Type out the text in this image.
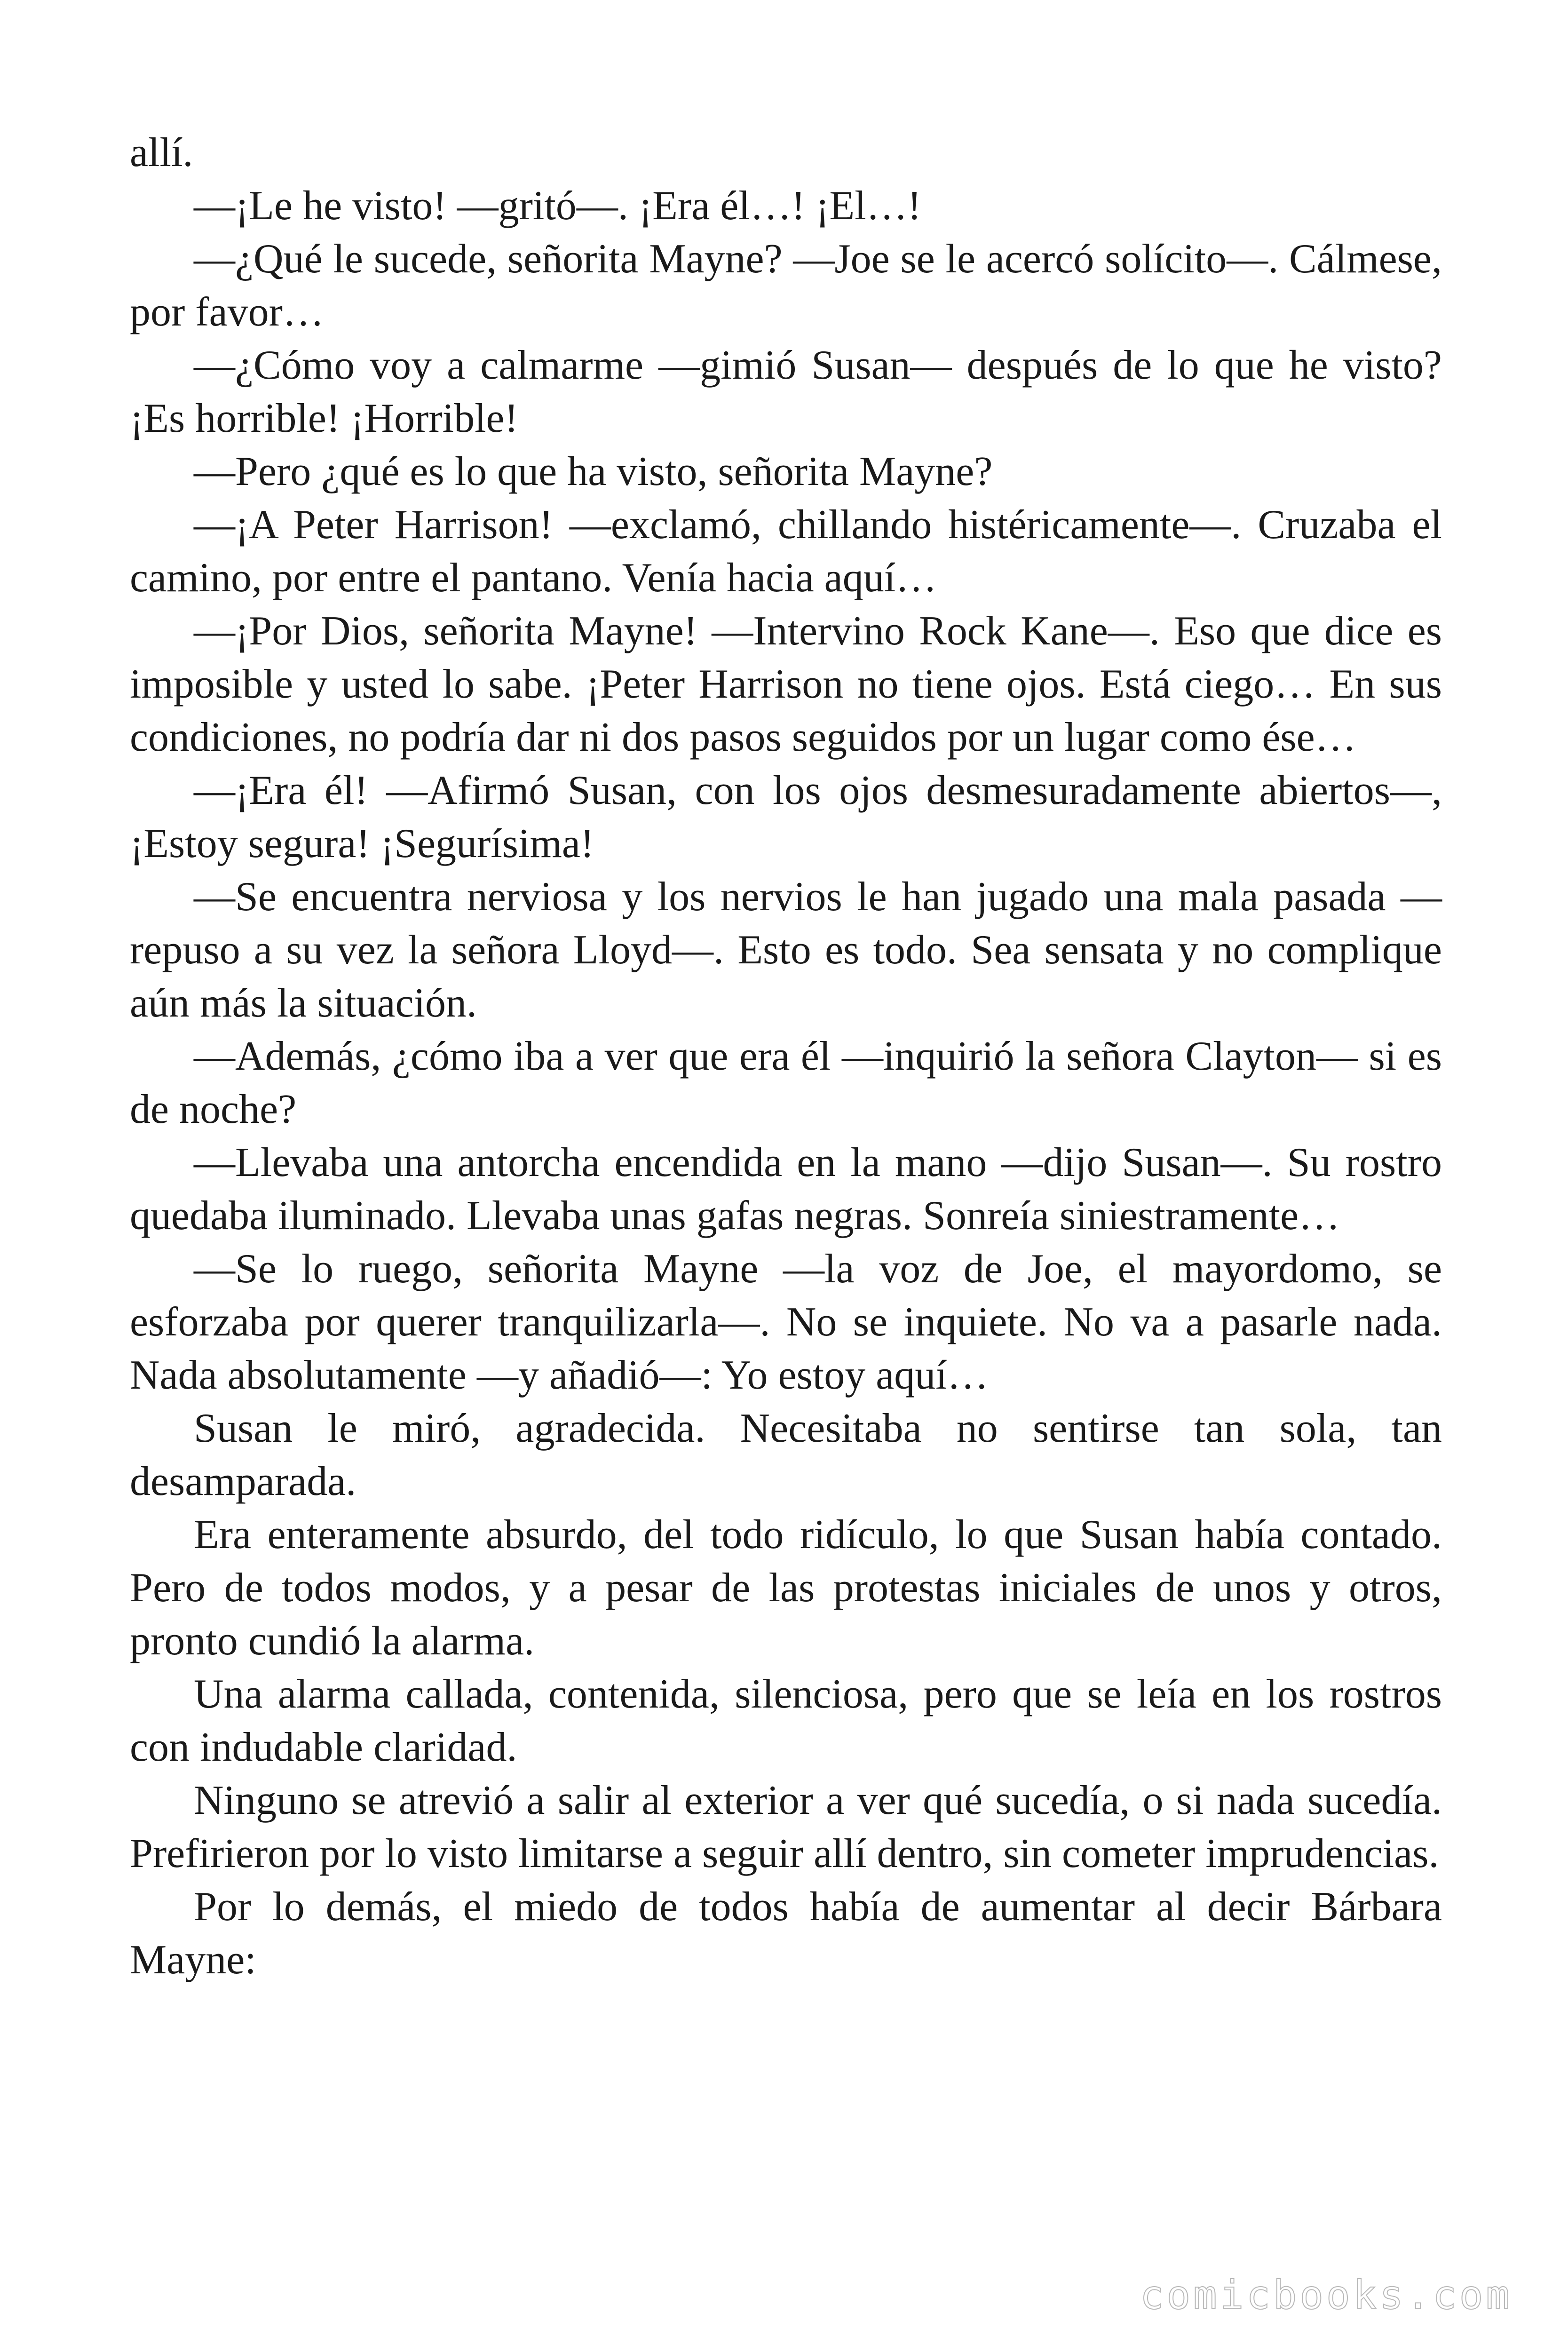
allí.

—¡Le he visto! —gritó—. ¡Era él…! ¡El…!

—¿Qué le sucede, señorita Mayne? —Joe se le acercó solícito—. Cálmese, por favor…

—¿Cómo voy a calmarme —gimió Susan— después de lo que he visto? ¡Es horrible! ¡Horrible!

—Pero ¿qué es lo que ha visto, señorita Mayne?

—¡A Peter Harrison! —exclamó, chillando histéricamente—. Cruzaba el camino, por entre el pantano. Venía hacia aquí…

—¡Por Dios, señorita Mayne! —Intervino Rock Kane—. Eso que dice es imposible y usted lo sabe. ¡Peter Harrison no tiene ojos. Está ciego… En sus condiciones, no podría dar ni dos pasos seguidos por un lugar como ése…

—¡Era él! —Afirmó Susan, con los ojos desmesuradamente abiertos—, ¡Estoy segura! ¡Segurísima!

—Se encuentra nerviosa y los nervios le han jugado una mala pasada —repuso a su vez la señora Lloyd—. Esto es todo. Sea sensata y no complique aún más la situación.

—Además, ¿cómo iba a ver que era él —inquirió la señora Clayton— si es de noche?

—Llevaba una antorcha encendida en la mano —dijo Susan—. Su rostro quedaba iluminado. Llevaba unas gafas negras. Sonreía siniestramente…

—Se lo ruego, señorita Mayne —la voz de Joe, el mayordomo, se esforzaba por querer tranquilizarla—. No se inquiete. No va a pasarle nada. Nada absolutamente —y añadió—: Yo estoy aquí…

Susan le miró, agradecida. Necesitaba no sentirse tan sola, tan desamparada.

Era enteramente absurdo, del todo ridículo, lo que Susan había contado. Pero de todos modos, y a pesar de las protestas iniciales de unos y otros, pronto cundió la alarma.

Una alarma callada, contenida, silenciosa, pero que se leía en los rostros con indudable claridad.

Ninguno se atrevió a salir al exterior a ver qué sucedía, o si nada sucedía. Prefirieron por lo visto limitarse a seguir allí dentro, sin cometer imprudencias.

Por lo demás, el miedo de todos había de aumentar al decir Bárbara Mayne:

comicbooks.com
